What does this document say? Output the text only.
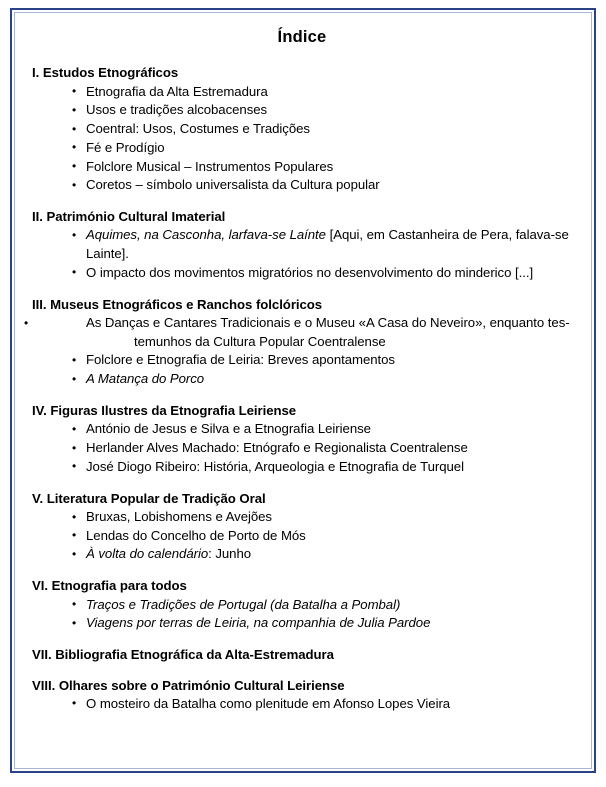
Índice
I. Estudos Etnográficos
• Etnografia da Alta Estremadura
• Usos e tradições alcobacenses
• Coentral: Usos, Costumes e Tradições
• Fé e Prodígio
• Folclore Musical – Instrumentos Populares
• Coretos – símbolo universalista da Cultura popular
II. Património Cultural Imaterial
• Aquimes, na Casconha, larfava-se Laínte [Aqui, em Castanheira de Pera, falava-se Lainte].
• O impacto dos movimentos migratórios no desenvolvimento do minderico [...]
III. Museus Etnográficos e Ranchos folclóricos
• As Danças e Cantares Tradicionais e o Museu «A Casa do Neveiro», enquanto tes-temunhos da Cultura Popular Coentralense
• Folclore e Etnografia de Leiria: Breves apontamentos
• A Matança do Porco
IV. Figuras Ilustres da Etnografia Leiriense
• António de Jesus e Silva e a Etnografia Leiriense
• Herlander Alves Machado: Etnógrafo e Regionalista Coentralense
• José Diogo Ribeiro: História, Arqueologia e Etnografia de Turquel
V. Literatura Popular de Tradição Oral
• Bruxas, Lobishomens e Avejões
• Lendas do Concelho de Porto de Mós
• À volta do calendário: Junho
VI. Etnografia para todos
• Traços e Tradições de Portugal (da Batalha a Pombal)
• Viagens por terras de Leiria, na companhia de Julia Pardoe
VII. Bibliografia Etnográfica da Alta-Estremadura
VIII. Olhares sobre o Património Cultural Leiriense
• O mosteiro da Batalha como plenitude em Afonso Lopes Vieira
